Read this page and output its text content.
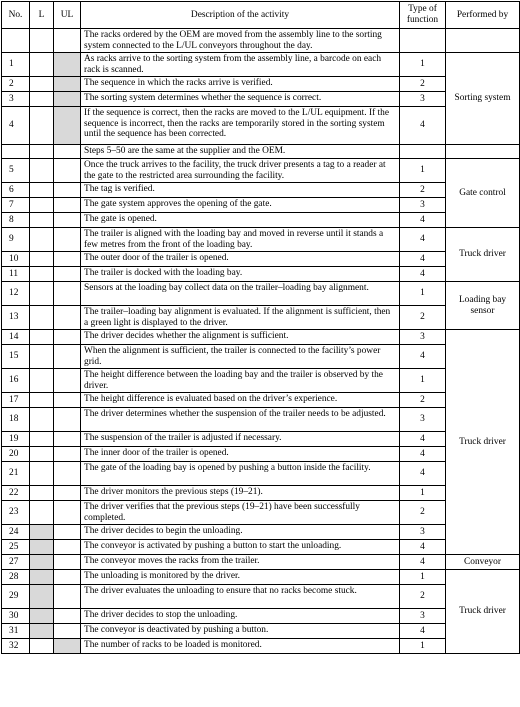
No.	L	UL	Description of the activity	Type of function	Performed by
			The racks ordered by the OEM are moved from the assembly line to the sorting system connected to the L/UL conveyors throughout the day.		
1			As racks arrive to the sorting system from the assembly line, a barcode on each rack is scanned.	1	Sorting system
2			The sequence in which the racks arrive is verified.	2	
3			The sorting system determines whether the sequence is correct.	3	
4			If the sequence is correct, then the racks are moved to the L/UL equipment. If the sequence is incorrect, then the racks are temporarily stored in the sorting system until the sequence has been corrected.	4	
			Steps 5–50 are the same at the supplier and the OEM.		
5			Once the truck arrives to the facility, the truck driver presents a tag to a reader at the gate to the restricted area surrounding the facility.	1	Gate control
6			The tag is verified.	2	
7			The gate system approves the opening of the gate.	3	
8			The gate is opened.	4	
9			The trailer is aligned with the loading bay and moved in reverse until it stands a few metres from the front of the loading bay.	4	Truck driver
10			The outer door of the trailer is opened.	4	
11			The trailer is docked with the loading bay.	4	
12			Sensors at the loading bay collect data on the trailer–loading bay alignment.	1	Loading bay sensor
13			The trailer–loading bay alignment is evaluated. If the alignment is sufficient, then a green light is displayed to the driver.	2	
14			The driver decides whether the alignment is sufficient.	3	Truck driver
15			When the alignment is sufficient, the trailer is connected to the facility’s power grid.	4	
16			The height difference between the loading bay and the trailer is observed by the driver.	1	
17			The height difference is evaluated based on the driver’s experience.	2	
18			The driver determines whether the suspension of the trailer needs to be adjusted.	3	
19			The suspension of the trailer is adjusted if necessary.	4	
20			The inner door of the trailer is opened.	4	
21			The gate of the loading bay is opened by pushing a button inside the facility.	4	
22			The driver monitors the previous steps (19–21).	1	
23			The driver verifies that the previous steps (19–21) have been successfully completed.	2	
24			The driver decides to begin the unloading.	3	
25			The conveyor is activated by pushing a button to start the unloading.	4	
27			The conveyor moves the racks from the trailer.	4	Conveyor
28			The unloading is monitored by the driver.	1	Truck driver
29			The driver evaluates the unloading to ensure that no racks become stuck.	2	
30			The driver decides to stop the unloading.	3	
31			The conveyor is deactivated by pushing a button.	4	
32			The number of racks to be loaded is monitored.	1	
